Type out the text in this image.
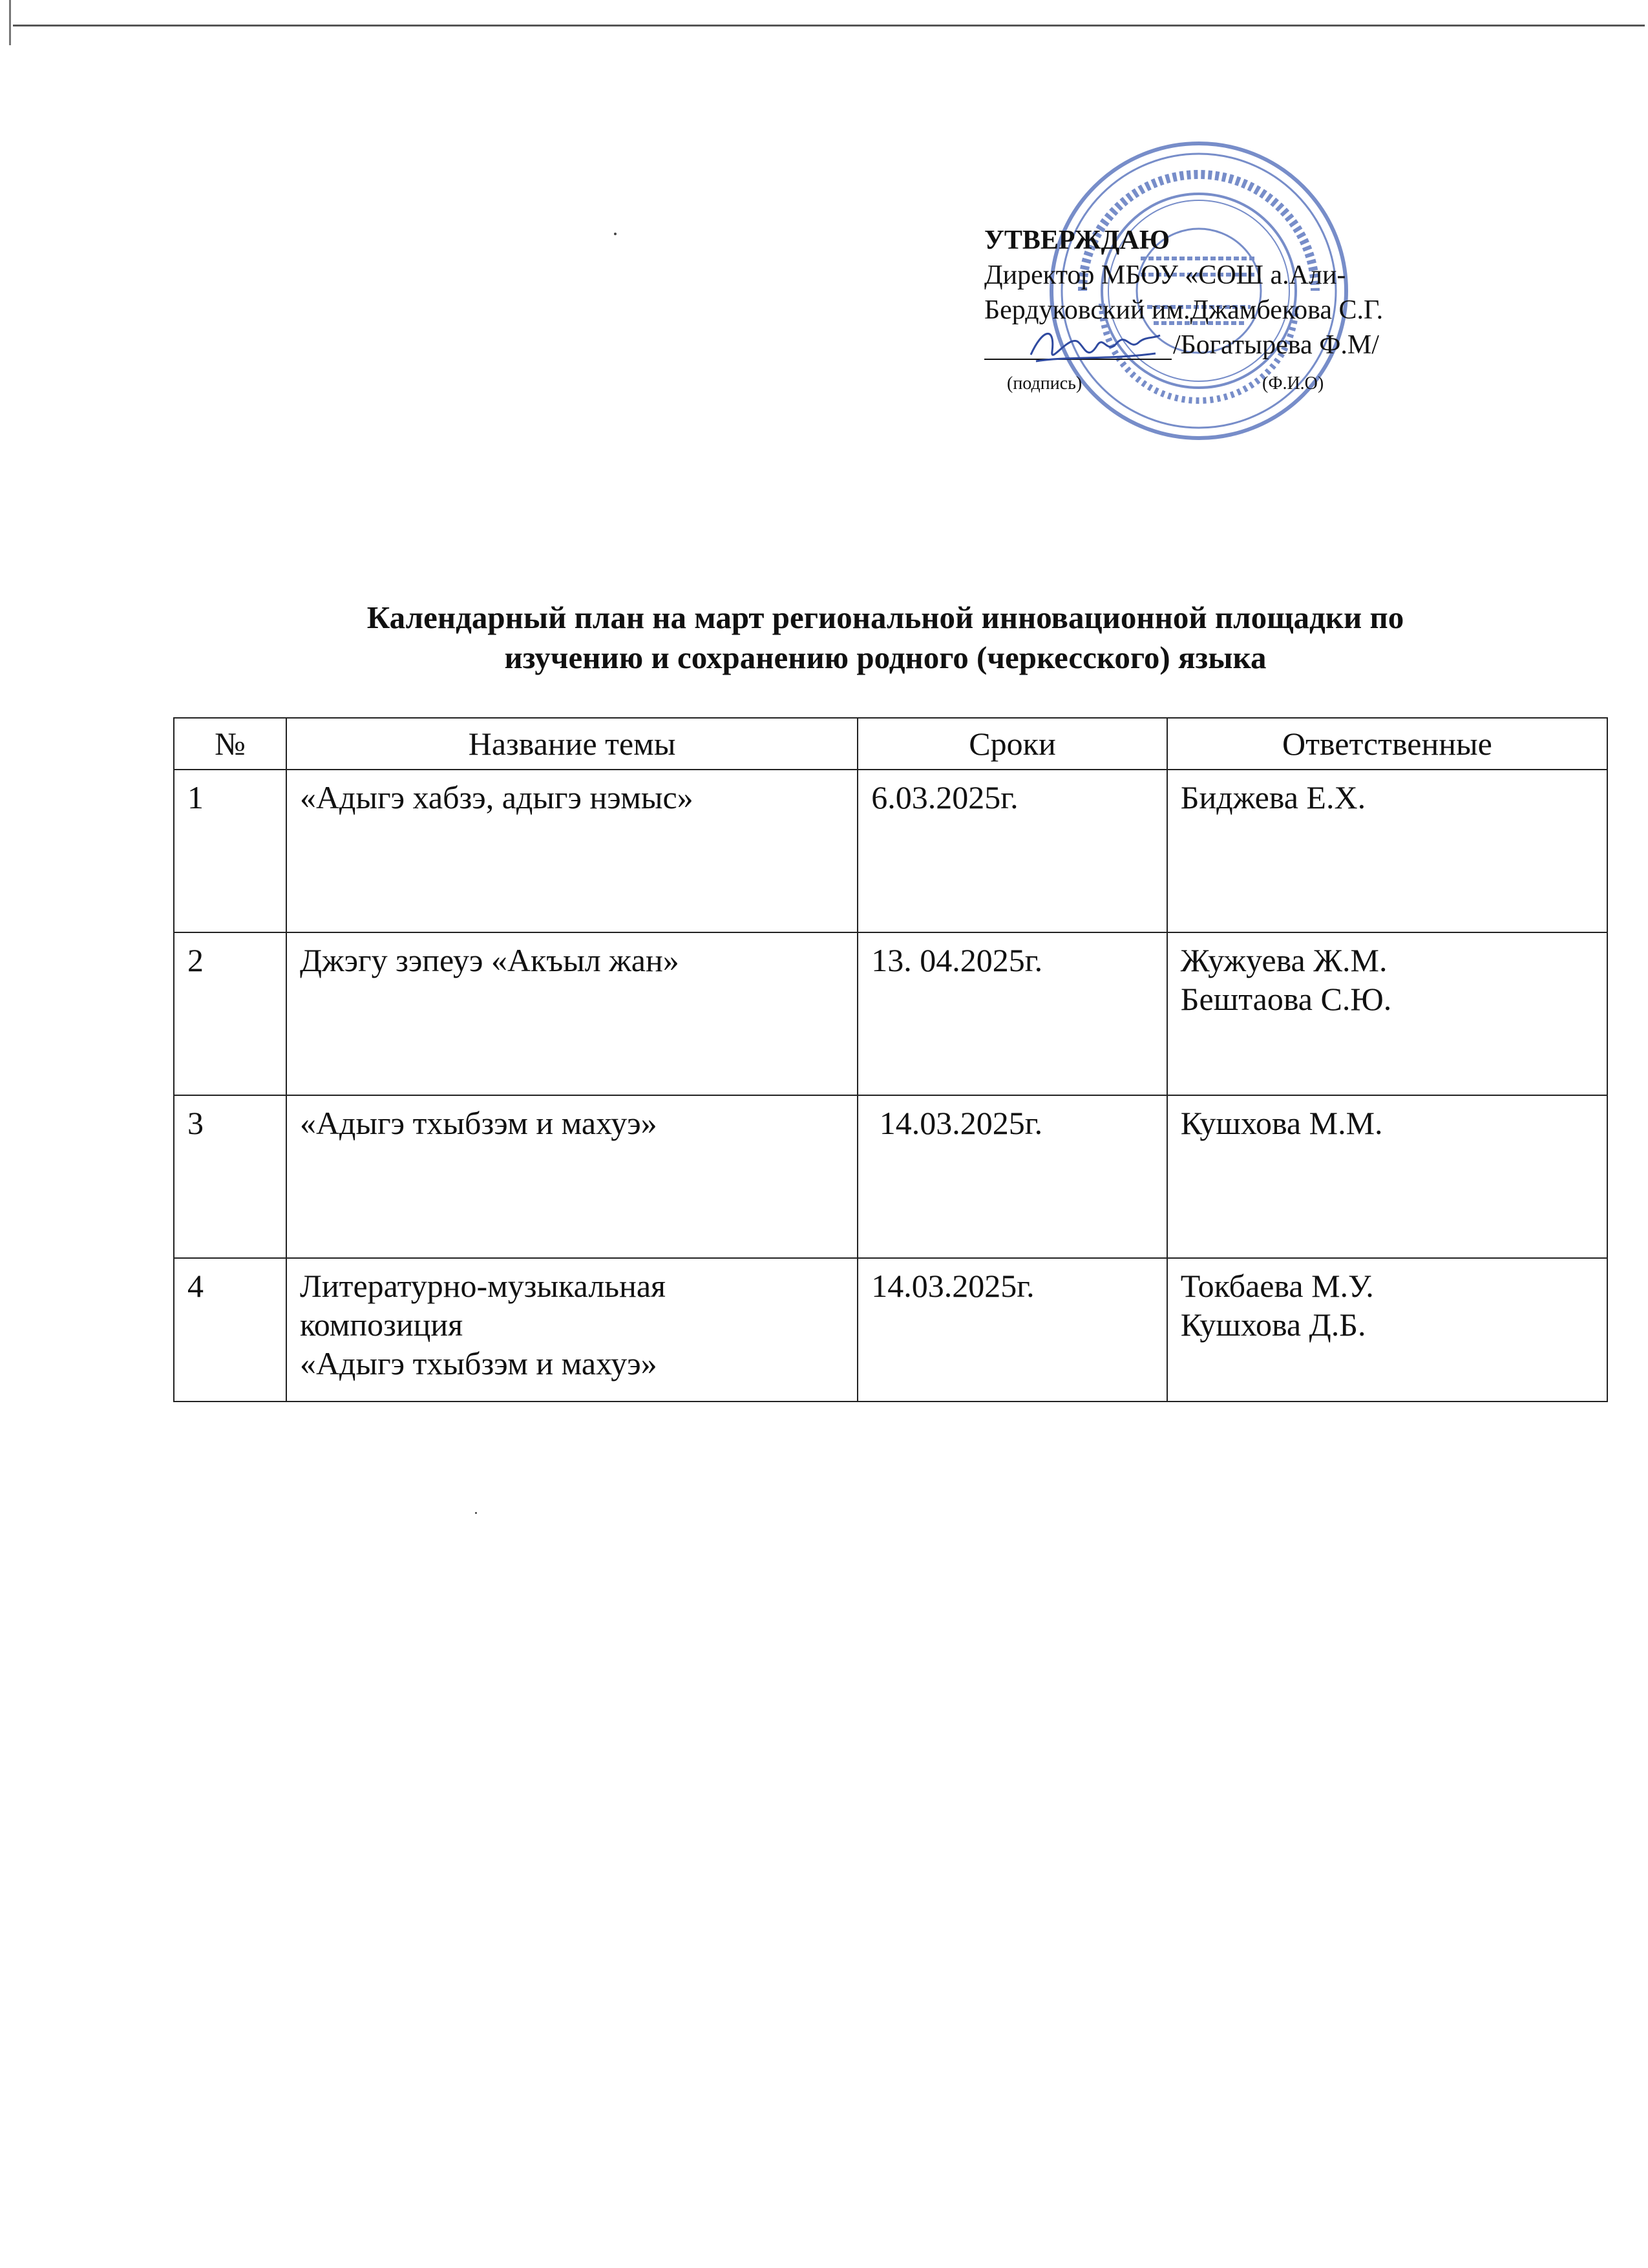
УТВЕРЖДАЮ
Директор МБОУ «СОШ а.Али-
Бердуковский им.Джамбекова С.Г.
/Богатырева Ф.М/
(подпись)	(Ф.И.О)
Календарный план на март региональной инновационной площадки по
изучению и сохранению родного (черкесского) языка
№	Название темы	Сроки	Ответственные
1	«Адыгэ хабзэ, адыгэ нэмыс»	6.03.2025г.	Биджева Е.Х.

2	Джэгу зэпеуэ «Акъыл жан»	13. 04.2025г.	Жужуева Ж.М.
Бештаова С.Ю.

3	«Адыгэ тхыбзэм и махуэ»	14.03.2025г.	Кушхова М.М.

4	Литературно-музыкальная
композиция
«Адыгэ тхыбзэм и махуэ»	14.03.2025г.	Токбаева М.У.
Кушхова Д.Б.
